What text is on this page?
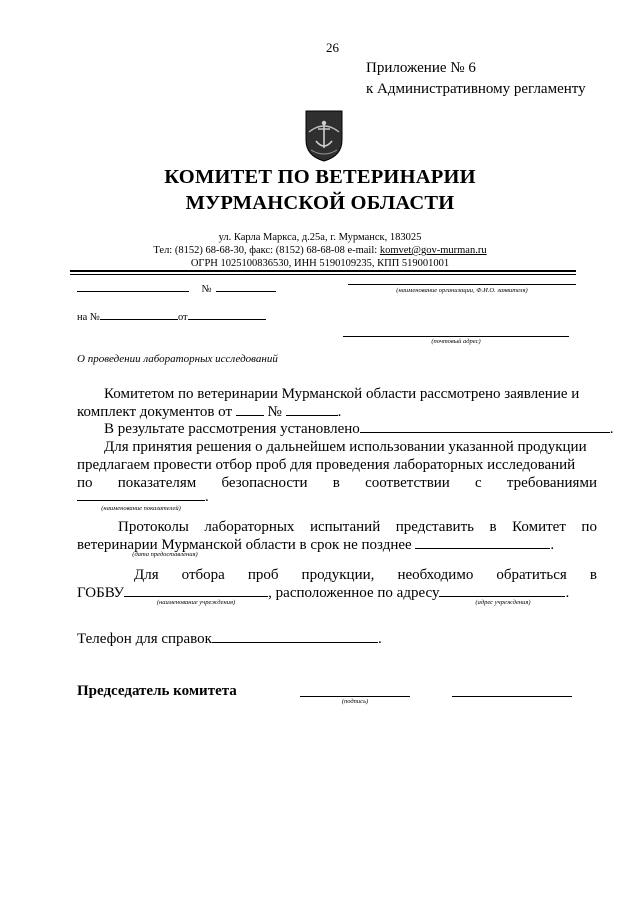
26
Приложение № 6
к Административному регламенту
КОМИТЕТ ПО ВЕТЕРИНАРИИ
МУРМАНСКОЙ ОБЛАСТИ
ул. Карла Маркса, д.25а, г. Мурманск, 183025
Тел: (8152) 68-68-30, факс: (8152) 68-68-08 e-mail: komvet@gov-murman.ru
ОГРН 1025100836530, ИНН 5190109235, КПП 519001001
№	(наименование организации, Ф.И.О. заявителя)
на №	от
(почтовый адрес)
О проведении лабораторных исследований
Комитетом по ветеринарии Мурманской области рассмотрено заявление и
комплект документов от №	.
В результате рассмотрения установлено	.
Для принятия решения о дальнейшем использовании указанной продукции
предлагаем провести отбор проб для проведения лабораторных исследований
по показателям безопасности в соответствии с требованиями
.
(наименование показателей)
Протоколы лабораторных испытаний представить в Комитет по
ветеринарии Мурманской области в срок не позднее	.
(дата предоставления)
Для отбора проб продукции, необходимо обратиться в
ГОБВУ	, расположенное по адресу	.
(наименование учреждения)	(адрес учреждения)
Телефон для справок	.
Председатель комитета
(подпись)
